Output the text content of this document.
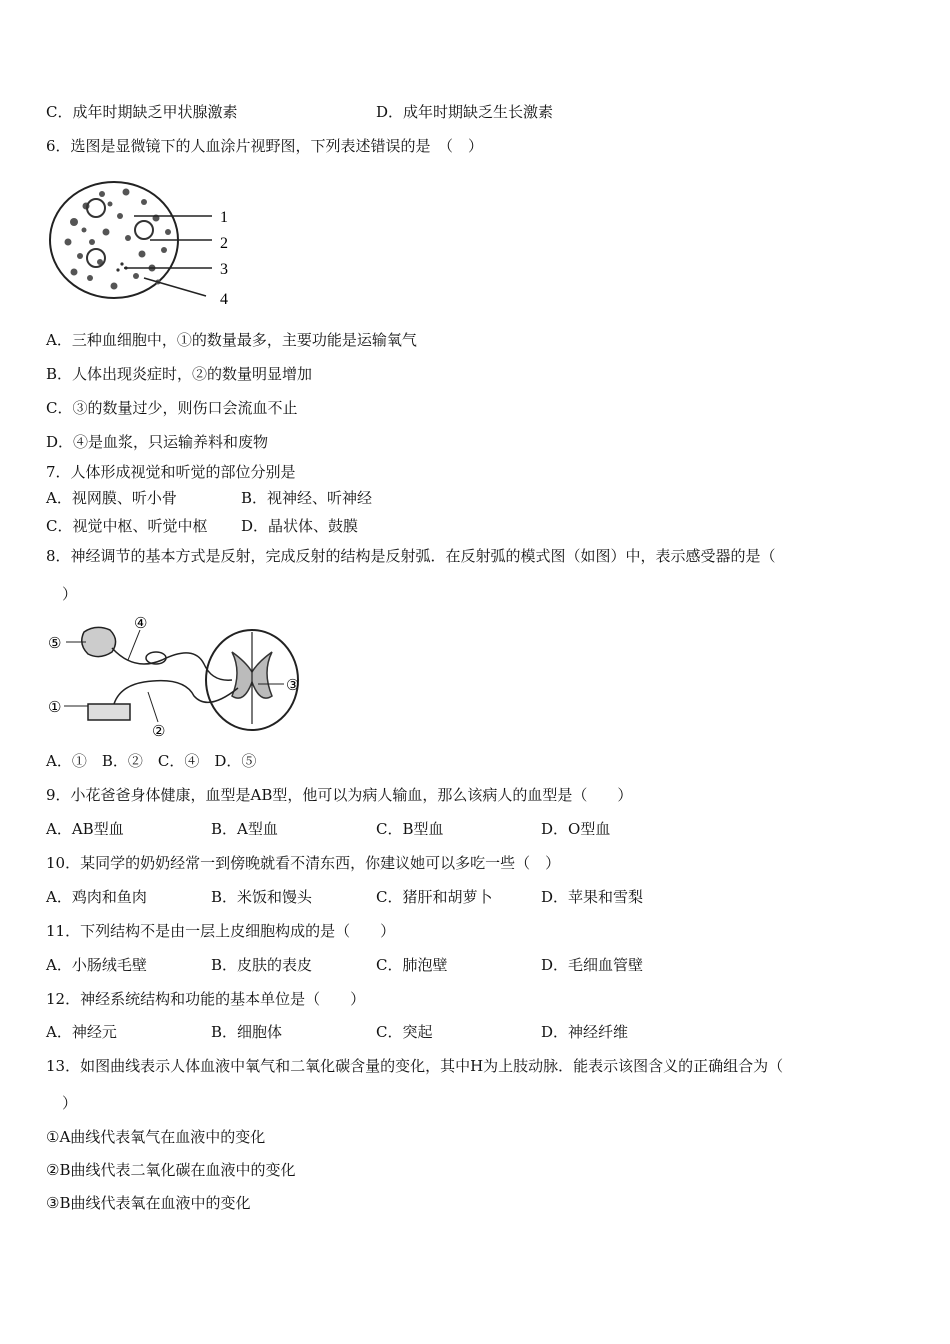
C．成年时期缺乏甲状腺激素	D．成年时期缺乏生长激素
6．选图是显微镜下的人血涂片视野图，下列表述错误的是　（　）
1
2
3
4
A．三种血细胞中，①的数量最多，主要功能是运输氧气
B．人体出现炎症时，②的数量明显增加
C．③的数量过少，则伤口会流血不止
D．④是血浆，只运输养料和废物
7．人体形成视觉和听觉的部位分别是
A．视网膜、听小骨	B．视神经、听神经
C．视觉中枢、听觉中枢 D．晶状体、鼓膜
8．神经调节的基本方式是反射，完成反射的结构是反射弧．在反射弧的模式图（如图）中，表示感受器的是（
）
①
②
③
④
⑤
A．①　B．②　C．④　D．⑤
9．小花爸爸身体健康，血型是AB型，他可以为病人输血，那么该病人的血型是（　　）
A．AB型血	B．A型血	C．B型血	D．O型血
10．某同学的奶奶经常一到傍晚就看不清东西，你建议她可以多吃一些（　）
A．鸡肉和鱼肉	B．米饭和馒头	C．猪肝和胡萝卜	D．苹果和雪梨
11．下列结构不是由一层上皮细胞构成的是（　　）
A．小肠绒毛壁	B．皮肤的表皮	C．肺泡壁	D．毛细血管壁
12．神经系统结构和功能的基本单位是（　　）
A．神经元	B．细胞体	C．突起	D．神经纤维
13．如图曲线表示人体血液中氧气和二氧化碳含量的变化，其中H为上肢动脉．能表示该图含义的正确组合为（
）
①A曲线代表氧气在血液中的变化
②B曲线代表二氧化碳在血液中的变化
③B曲线代表氧在血液中的变化
